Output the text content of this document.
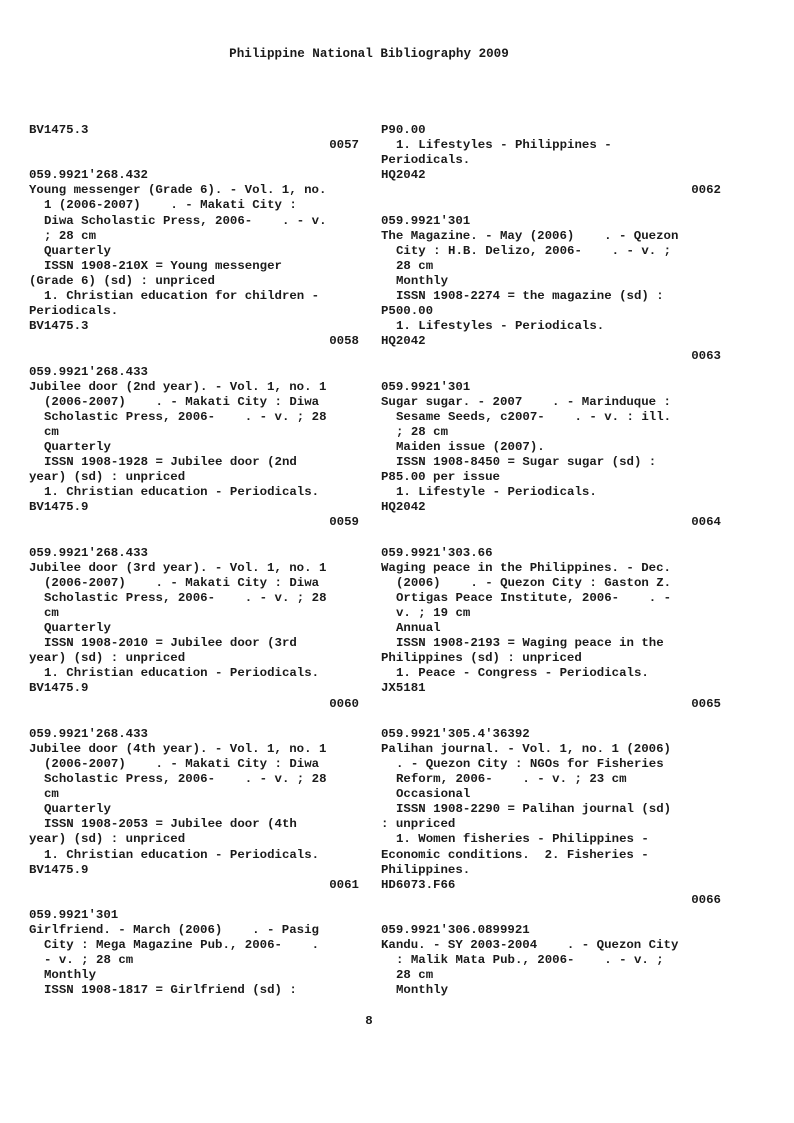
Philippine National Bibliography 2009
BV1475.3
0057
059.9921'268.432
Young messenger (Grade 6). - Vol. 1, no.
1 (2006-2007)    . - Makati City :
Diwa Scholastic Press, 2006-    . - v.
; 28 cm
Quarterly
ISSN 1908-210X = Young messenger
(Grade 6) (sd) : unpriced
1. Christian education for children -
Periodicals.
BV1475.3
0058
059.9921'268.433
Jubilee door (2nd year). - Vol. 1, no. 1
(2006-2007)    . - Makati City : Diwa
Scholastic Press, 2006-    . - v. ; 28
cm
Quarterly
ISSN 1908-1928 = Jubilee door (2nd
year) (sd) : unpriced
1. Christian education - Periodicals.
BV1475.9
0059
059.9921'268.433
Jubilee door (3rd year). - Vol. 1, no. 1
(2006-2007)    . - Makati City : Diwa
Scholastic Press, 2006-    . - v. ; 28
cm
Quarterly
ISSN 1908-2010 = Jubilee door (3rd
year) (sd) : unpriced
1. Christian education - Periodicals.
BV1475.9
0060
059.9921'268.433
Jubilee door (4th year). - Vol. 1, no. 1
(2006-2007)    . - Makati City : Diwa
Scholastic Press, 2006-    . - v. ; 28
cm
Quarterly
ISSN 1908-2053 = Jubilee door (4th
year) (sd) : unpriced
1. Christian education - Periodicals.
BV1475.9
0061
059.9921'301
Girlfriend. - March (2006)    . - Pasig
City : Mega Magazine Pub., 2006-    .
- v. ; 28 cm
Monthly
ISSN 1908-1817 = Girlfriend (sd) :
P90.00
1. Lifestyles - Philippines -
Periodicals.
HQ2042
0062
059.9921'301
The Magazine. - May (2006)    . - Quezon
City : H.B. Delizo, 2006-    . - v. ;
28 cm
Monthly
ISSN 1908-2274 = the magazine (sd) :
P500.00
1. Lifestyles - Periodicals.
HQ2042
0063
059.9921'301
Sugar sugar. - 2007    . - Marinduque :
Sesame Seeds, c2007-    . - v. : ill.
; 28 cm
Maiden issue (2007).
ISSN 1908-8450 = Sugar sugar (sd) :
P85.00 per issue
1. Lifestyle - Periodicals.
HQ2042
0064
059.9921'303.66
Waging peace in the Philippines. - Dec.
(2006)    . - Quezon City : Gaston Z.
Ortigas Peace Institute, 2006-    . -
v. ; 19 cm
Annual
ISSN 1908-2193 = Waging peace in the
Philippines (sd) : unpriced
1. Peace - Congress - Periodicals.
JX5181
0065
059.9921'305.4'36392
Palihan journal. - Vol. 1, no. 1 (2006)
. - Quezon City : NGOs for Fisheries
Reform, 2006-    . - v. ; 23 cm
Occasional
ISSN 1908-2290 = Palihan journal (sd)
: unpriced
1. Women fisheries - Philippines -
Economic conditions.  2. Fisheries -
Philippines.
HD6073.F66
0066
059.9921'306.0899921
Kandu. - SY 2003-2004    . - Quezon City
: Malik Mata Pub., 2006-    . - v. ;
28 cm
Monthly
8
